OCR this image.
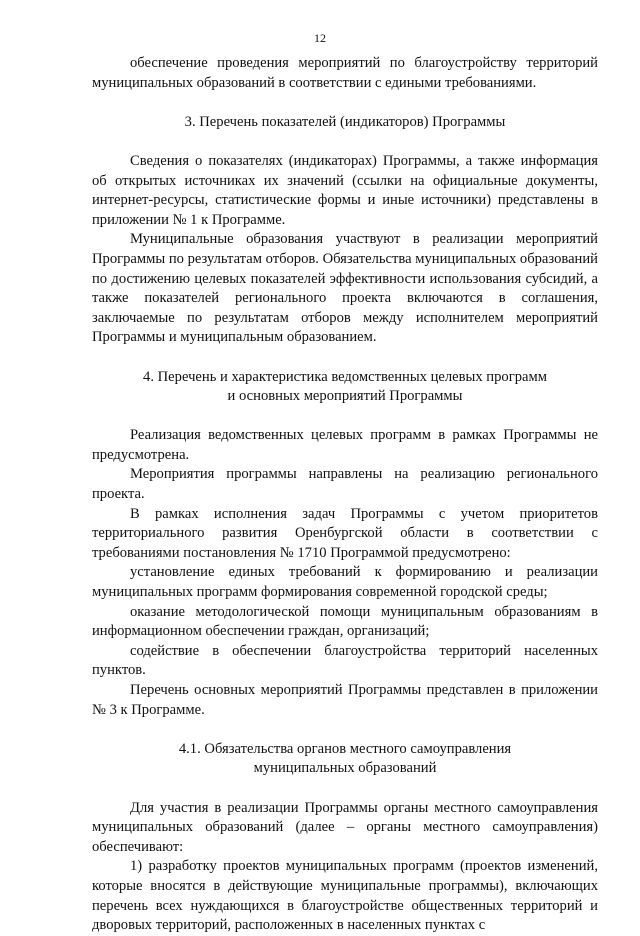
12

обеспечение проведения мероприятий по благоустройству территорий муниципальных образований в соответствии с едиными требованиями.

3. Перечень показателей (индикаторов) Программы

Сведения о показателях (индикаторах) Программы, а также информация об открытых источниках их значений (ссылки на официальные документы, интернет-ресурсы, статистические формы и иные источники) представлены в приложении № 1 к Программе.

Муниципальные образования участвуют в реализации мероприятий Программы по результатам отборов. Обязательства муниципальных образований по достижению целевых показателей эффективности использования субсидий, а также показателей регионального проекта включаются в соглашения, заключаемые по результатам отборов между исполнителем мероприятий Программы и муниципальным образованием.

4. Перечень и характеристика ведомственных целевых программ
и основных мероприятий Программы

Реализация ведомственных целевых программ в рамках Программы не предусмотрена.

Мероприятия программы направлены на реализацию регионального проекта.

В рамках исполнения задач Программы с учетом приоритетов территориального развития Оренбургской области в соответствии с требованиями постановления № 1710 Программой предусмотрено:

установление единых требований к формированию и реализации муниципальных программ формирования современной городской среды;

оказание методологической помощи муниципальным образованиям в информационном обеспечении граждан, организаций;

содействие в обеспечении благоустройства территорий населенных пунктов.

Перечень основных мероприятий Программы представлен в приложении № 3 к Программе.

4.1. Обязательства органов местного самоуправления
муниципальных образований

Для участия в реализации Программы органы местного самоуправления муниципальных образований (далее – органы местного самоуправления) обеспечивают:

1) разработку проектов муниципальных программ (проектов изменений, которые вносятся в действующие муниципальные программы), включающих перечень всех нуждающихся в благоустройстве общественных территорий и дворовых территорий, расположенных в населенных пунктах с
